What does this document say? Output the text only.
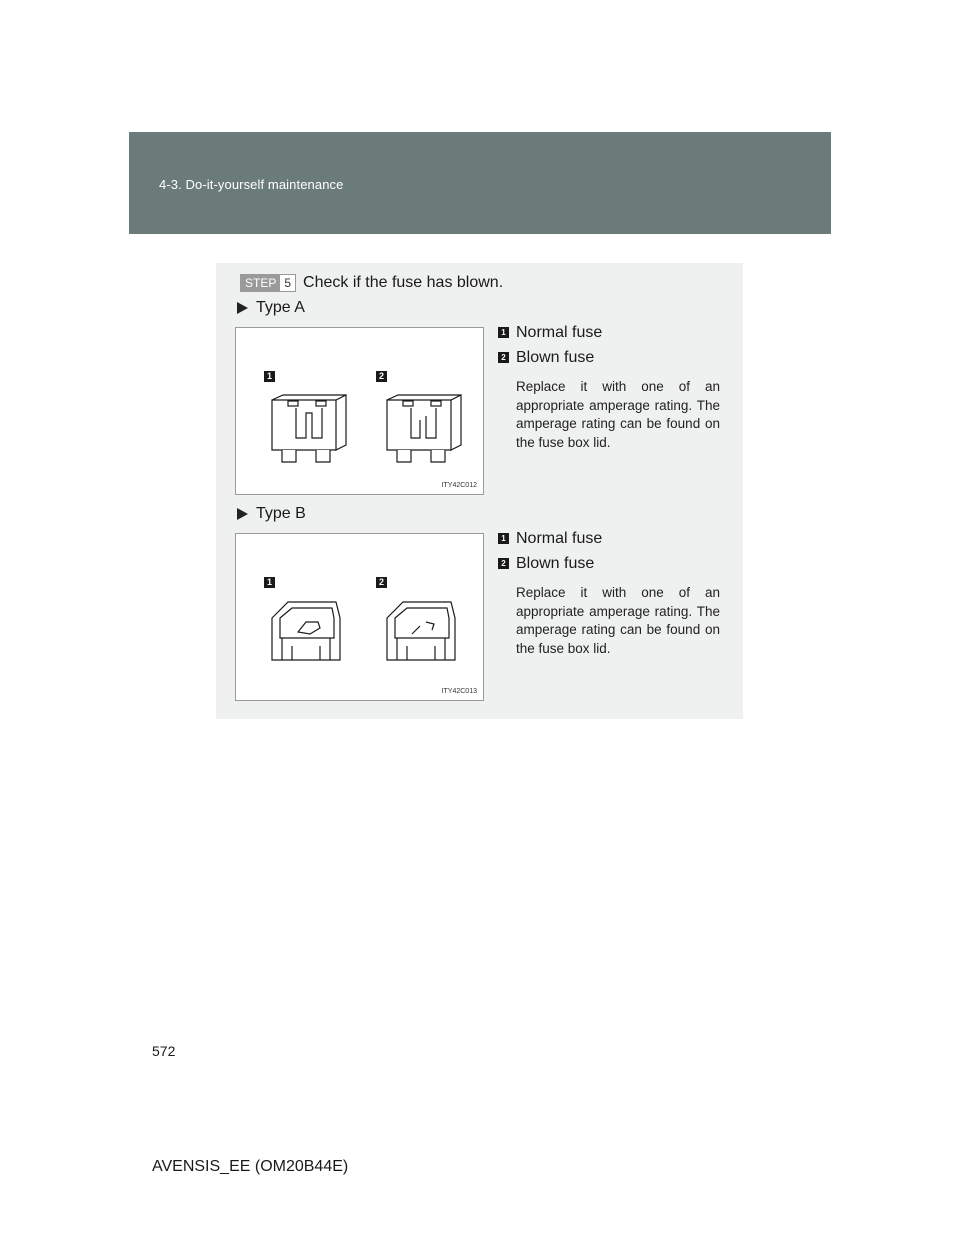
4-3. Do-it-yourself maintenance
STEP 5 Check if the fuse has blown.
Type A
1	2
ITY42C012
1 Normal fuse
2 Blown fuse
Replace it with one of an appropriate amperage rating. The amperage rating can be found on the fuse box lid.
Type B
1	2
ITY42C013
1 Normal fuse
2 Blown fuse
Replace it with one of an appropriate amperage rating. The amperage rating can be found on the fuse box lid.
572
AVENSIS_EE (OM20B44E)
